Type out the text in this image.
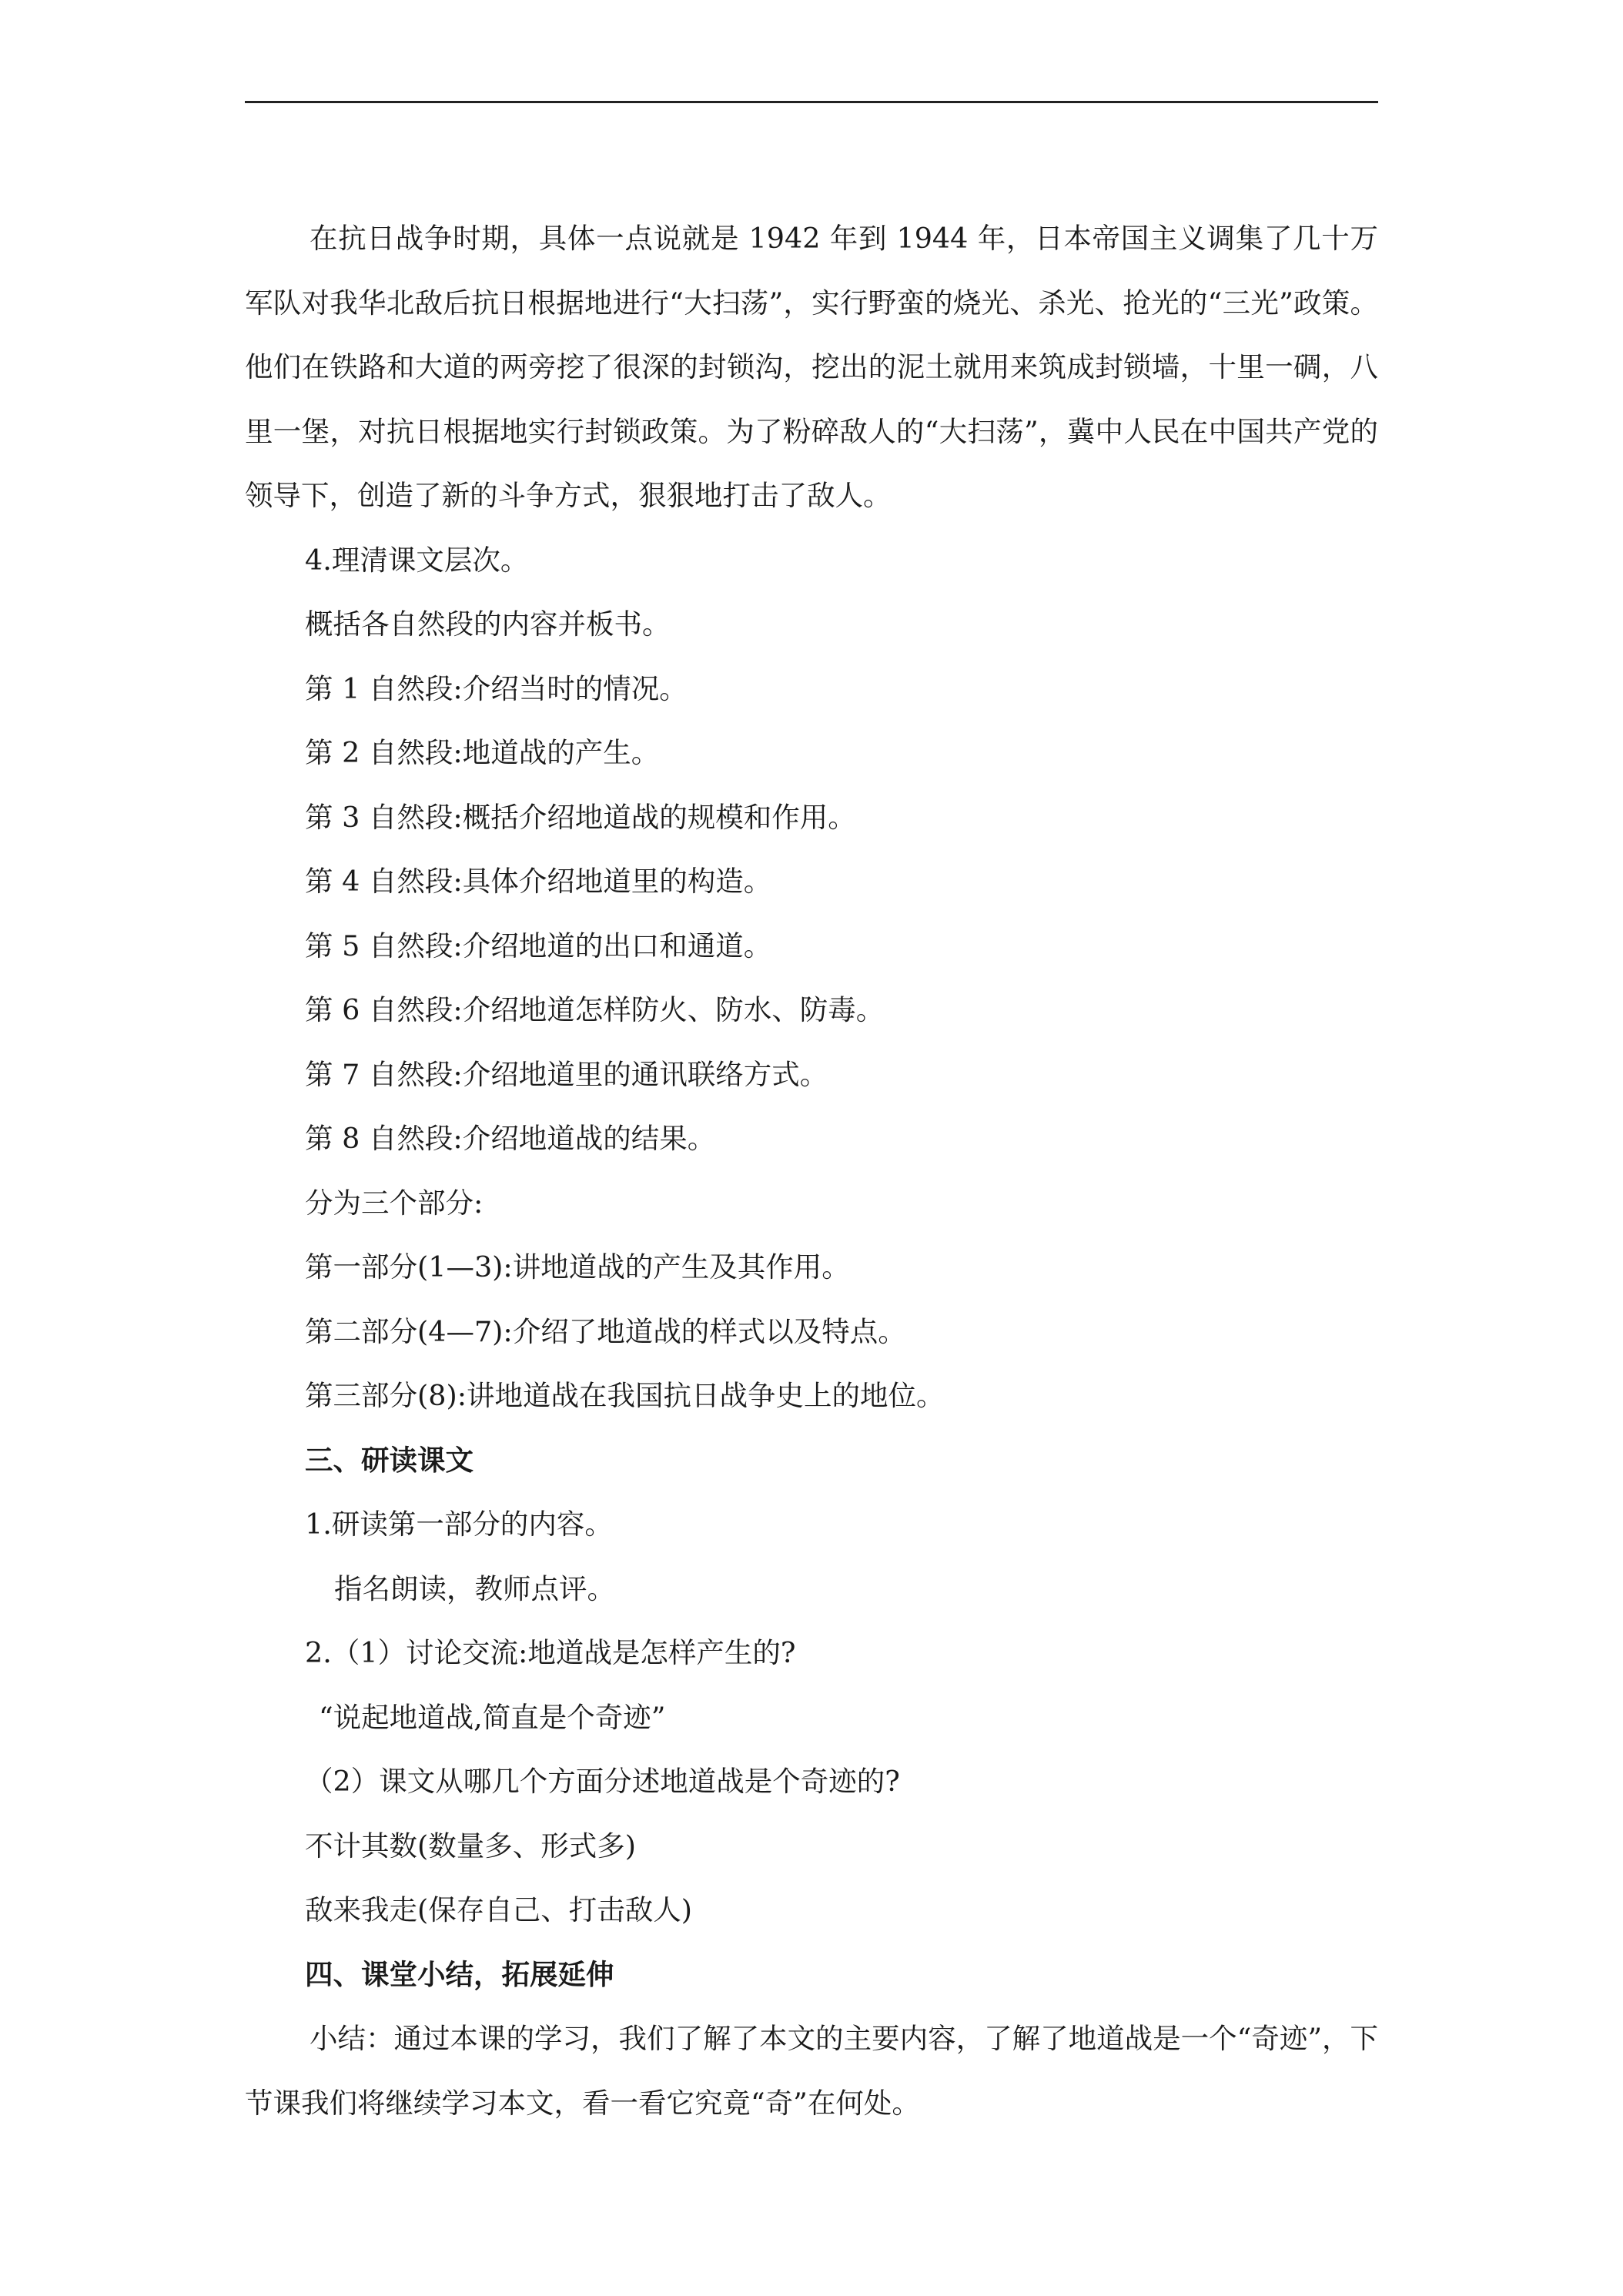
在抗日战争时期，具体一点说就是 1942 年到 1944 年，日本帝国主义调集了几十万军队对我华北敌后抗日根据地进行“大扫荡”，实行野蛮的烧光、杀光、抢光的“三光”政策。他们在铁路和大道的两旁挖了很深的封锁沟，挖出的泥土就用来筑成封锁墙，十里一碉，八里一堡，对抗日根据地实行封锁政策。为了粉碎敌人的“大扫荡”，冀中人民在中国共产党的领导下，创造了新的斗争方式，狠狠地打击了敌人。

4.理清课文层次。
概括各自然段的内容并板书。
第 1 自然段:介绍当时的情况。
第 2 自然段:地道战的产生。
第 3 自然段:概括介绍地道战的规模和作用。
第 4 自然段:具体介绍地道里的构造。
第 5 自然段:介绍地道的出口和通道。
第 6 自然段:介绍地道怎样防火、防水、防毒。
第 7 自然段:介绍地道里的通讯联络方式。
第 8 自然段:介绍地道战的结果。
分为三个部分:
第一部分(1—3):讲地道战的产生及其作用。
第二部分(4—7):介绍了地道战的样式以及特点。
第三部分(8):讲地道战在我国抗日战争史上的地位。
三、研读课文
1.研读第一部分的内容。
指名朗读，教师点评。
2.（1）讨论交流:地道战是怎样产生的?
“说起地道战,简直是个奇迹”
（2）课文从哪几个方面分述地道战是个奇迹的?
不计其数(数量多、形式多)
敌来我走(保存自己、打击敌人)
四、课堂小结，拓展延伸

小结：通过本课的学习，我们了解了本文的主要内容，了解了地道战是一个“奇迹”，下节课我们将继续学习本文，看一看它究竟“奇”在何处。
